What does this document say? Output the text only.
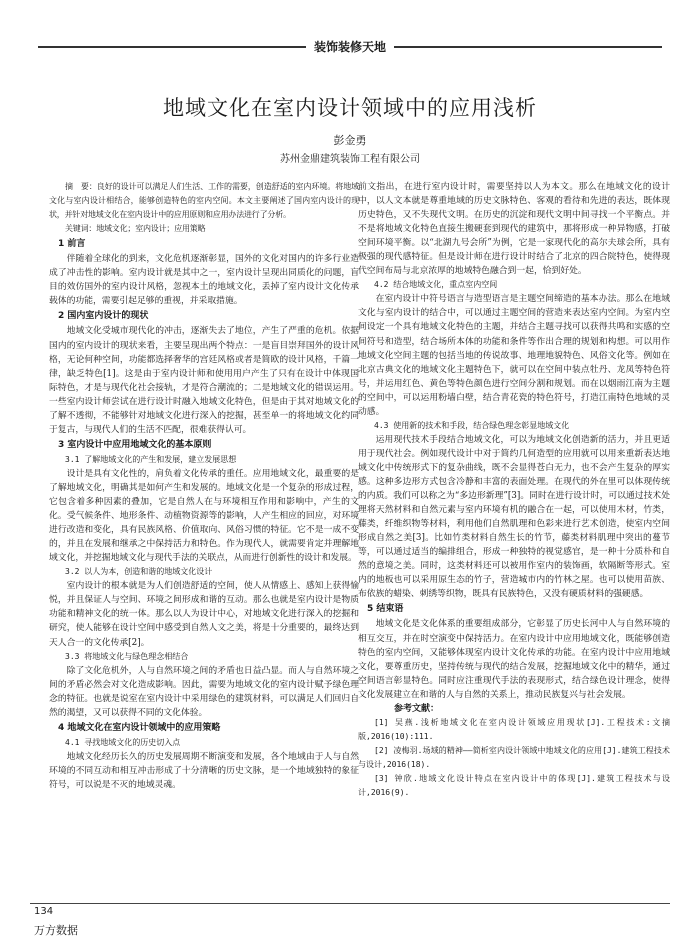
装饰装修天地
地域文化在室内设计领域中的应用浅析
彭金勇
苏州金鼎建筑装饰工程有限公司

摘　要：良好的设计可以满足人们生活、工作的需要，创造舒适的室内环境。将地域文化与室内设计相结合，能够创造特色的室内空间。本文主要阐述了国内室内设计的现状，并针对地域文化在室内设计中的应用原则和应用办法进行了分析。

关键词：地域文化；室内设计；应用策略

1 前言

伴随着全球化的到来，文化危机逐渐彰显，国外的文化对国内的许多行业造成了冲击性的影响。室内设计就是其中之一，室内设计呈现出同质化的问题，盲目的效仿国外的室内设计风格，忽视本土的地域文化，丢掉了室内设计文化传承载体的功能，需要引起足够的重视，并采取措施。

2 国内室内设计的现状

地域文化受城市现代化的冲击，逐渐失去了地位，产生了严重的危机。依据国内的室内设计的现状来看，主要呈现出两个特点：一是盲目崇拜国外的设计风格，无论何种空间，功能都选择奢华的宫廷风格或者是简欧的设计风格，千篇一律，缺乏特色[1]。这是由于室内设计师和使用用户产生了只有在设计中体现国际特色，才是与现代化社会接轨，才是符合潮流的；二是地域文化的错误运用。一些室内设计师尝试在进行设计时融入地域文化特色，但是由于其对地域文化的了解不透彻，不能够针对地域文化进行深入的挖掘，甚至单一的将地域文化约同于复古，与现代人们的生活不匹配，很难获得认可。

3 室内设计中应用地域文化的基本原则
3.1 了解地域文化的产生和发展，建立发展思想

设计是具有文化性的，肩负着文化传承的重任。应用地域文化，最重要的是了解地域文化，明确其是如何产生和发展的。地域文化是一个复杂的形成过程，它包含着多种因素的叠加，它是自然人在与环境相互作用和影响中，产生的文化。受气候条件、地形条件、动植物资源等的影响，人产生相应的回应，对环境进行改造和变化，具有民族风格、价值取向、风俗习惯的特征。它不是一成不变的，并且在发展和继承之中保持活力和特色。作为现代人，就需要肯定并理解地域文化，并挖掘地域文化与现代手法的关联点，从而进行创新性的设计和发展。

3.2 以人为本，创造和谐的地域文化设计

室内设计的根本就是为人们创造舒适的空间，使人从情感上、感知上获得愉悦，并且保证人与空间、环境之间形成和谐的互动。那么也就是室内设计是物质功能和精神文化的统一体。那么以人为设计中心，对地域文化进行深入的挖掘和研究，使人能够在设计空间中感受到自然人文之美，将是十分重要的，最终达到天人合一的文化传承[2]。

3.3 将地域文化与绿色理念相结合

除了文化危机外，人与自然环境之间的矛盾也日益凸显。而人与自然环境之间的矛盾必然会对文化造成影响。因此，需要为地域文化的室内设计赋予绿色理念的特征。也就是说室在室内设计中采用绿色的建筑材料，可以满足人们回归自然的渴望，又可以获得不同的文化体验。

4 地域文化在室内设计领域中的应用策略
4.1 寻找地域文化的历史切入点

地域文化经历长久的历史发展周期不断演变和发展，各个地域由于人与自然环境的不同互动和相互冲击形成了十分清晰的历史文脉，是一个地域独特的象征符号，可以说是不灭的地域灵魂。

前文指出，在进行室内设计时，需要坚持以人为本文。那么在地域文化的设计中，以人文本就是尊重地域的历史文脉特色、客观的看待和先进的表达，既体现历史特色，又不失现代文明。在历史的沉淀和现代文明中间寻找一个平衡点。并不是将地域文化特色直接生搬硬套到现代的建筑中，那将形成一种异物感，打破空间环境平衡。以“北湖九号会所”为例，它是一家现代化的高尔夫球会所，具有极强的现代感特征。但是设计师在进行设计时结合了北京的四合院特色，使得现代空间布局与北京浓厚的地域特色融合到一起，恰到好处。

4.2 结合地域文化，重点室内空间

在室内设计中符号语言与造型语言是主题空间缔造的基本办法。那么在地域文化与室内设计的结合中，可以通过主题空间的营造来表达室内空间。为室内空间设定一个具有地域文化特色的主题，并结合主题寻找可以获得共鸣和实感的空间符号和造型，结合场所本体的功能和条件等作出合理的规划和构想。可以用作地域文化空间主题的包括当地的传说故事、地理地貌特色、风俗文化等。例如在北京古典文化的地域文化主题特色下，就可以在空间中装点牡丹、龙凤等特色符号，并运用红色、黄色等特色颜色进行空间分割和规划。而在以烟雨江南为主题的空间中，可以运用粉墙白壁，结合青花瓷的特色符号，打造江南特色地域的灵动感。

4.3 使用新的技术和手段，结合绿色理念彰显地域文化

运用现代技术手段结合地域文化，可以为地域文化创造新的活力，并且更适用于现代社会。例如现代设计中对于简约几何造型的应用就可以用来重新表达地域文化中传统形式下的复杂曲线，既不会显得苍白无力，也不会产生复杂的厚实感。这种多边形方式包含冷静和丰富的表面处理。在现代的外在里可以体现传统的内质。我们可以称之为“多边形新理”[3]。同时在进行设计时，可以通过技术处理将天然材料和自然元素与室内环境有机的融合在一起，可以使用木材，竹类，藤类，纤维织物等材料，利用他们自然肌理和色彩来进行艺术创造，使室内空间形成自然之美[3]。比如竹类材料自然生长的竹节，藤类材料肌理中突出的蔓节等，可以通过适当的编排组合，形成一种独特的视觉感官，是一种十分质朴和自然的意境之美。同时，这类材料还可以被用作室内的装饰画，软隔断等形式。室内的地板也可以采用原生态的竹子，营造城市内的竹林之屋。也可以使用苗族、布依族的蜡染、刺绣等织物，既具有民族特色，又没有硬质材料的强硬感。

5 结束语

地域文化是文化体系的重要组成部分，它彰显了历史长河中人与自然环境的相互交互，并在时空演变中保持活力。在室内设计中应用地域文化，既能够创造特色的室内空间，又能够体现室内设计文化传承的功能。在室内设计中应用地域文化，要尊重历史，坚持传统与现代的结合发展，挖掘地域文化中的精华，通过空间语言彰显特色。同时应注重现代手法的表现形式，结合绿色设计理念，使得文化发展建立在和谐的人与自然的关系上，推动民族复兴与社会发展。

参考文献：

[1] 吴燕.浅析地域文化在室内设计领域应用现状[J].工程技术:文摘版,2016(10):111.

[2] 凌梅羽.场域的精神——简析室内设计领域中地域文化的应用[J].建筑工程技术与设计,2016(18).

[3] 钟欣.地域文化设计特点在室内设计中的体现[J].建筑工程技术与设计,2016(9).

134
万方数据
